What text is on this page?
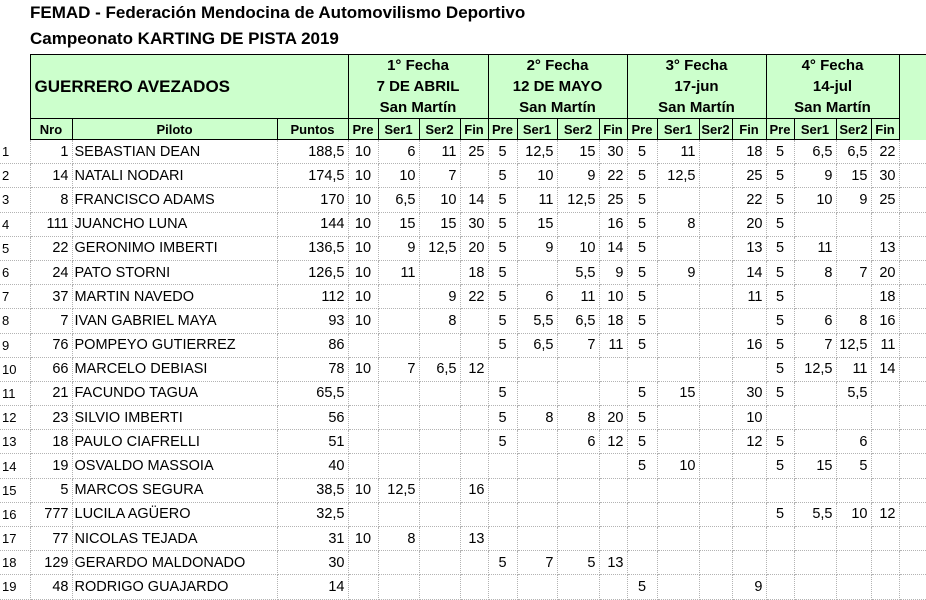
FEMAD - Federación Mendocina de Automovilismo Deportivo
Campeonato KARTING DE PISTA 2019
	GUERRERO AVEZADOS			1° Fecha				2° Fecha				3° Fecha				4° Fecha				
				7 DE ABRIL				12 DE MAYO				17-jun				14-jul				
				San Martín				San Martín				San Martín				San Martín				
	Nro	Piloto	Puntos	Pre	Ser1	Ser2	Fin	Pre	Ser1	Ser2	Fin	Pre	Ser1	Ser2	Fin	Pre	Ser1	Ser2	Fin	
1	1	SEBASTIAN DEAN	188,5	10	6	11	25	5	12,5	15	30	5	11		18	5	6,5	6,5	22	
2	14	NATALI NODARI	174,5	10	10	7		5	10	9	22	5	12,5		25	5	9	15	30	
3	8	FRANCISCO ADAMS	170	10	6,5	10	14	5	11	12,5	25	5			22	5	10	9	25	
4	111	JUANCHO LUNA	144	10	15	15	30	5	15		16	5	8		20	5				
5	22	GERONIMO IMBERTI	136,5	10	9	12,5	20	5	9	10	14	5			13	5	11		13	
6	24	PATO STORNI	126,5	10	11		18	5		5,5	9	5	9		14	5	8	7	20	
7	37	MARTIN NAVEDO	112	10		9	22	5	6	11	10	5			11	5			18	
8	7	IVAN GABRIEL MAYA	93	10		8		5	5,5	6,5	18	5				5	6	8	16	
9	76	POMPEYO GUTIERREZ	86					5	6,5	7	11	5			16	5	7	12,5	11	
10	66	MARCELO DEBIASI	78	10	7	6,5	12									5	12,5	11	14	
11	21	FACUNDO TAGUA	65,5					5				5	15		30	5		5,5		
12	23	SILVIO IMBERTI	56					5	8	8	20	5			10					
13	18	PAULO CIAFRELLI	51					5		6	12	5			12	5		6		
14	19	OSVALDO MASSOIA	40									5	10			5	15	5		
15	5	MARCOS SEGURA	38,5	10	12,5		16													
16	777	LUCILA AGÜERO	32,5													5	5,5	10	12	
17	77	NICOLAS TEJADA	31	10	8		13													
18	129	GERARDO MALDONADO	30					5	7	5	13									
19	48	RODRIGO GUAJARDO	14									5			9					
